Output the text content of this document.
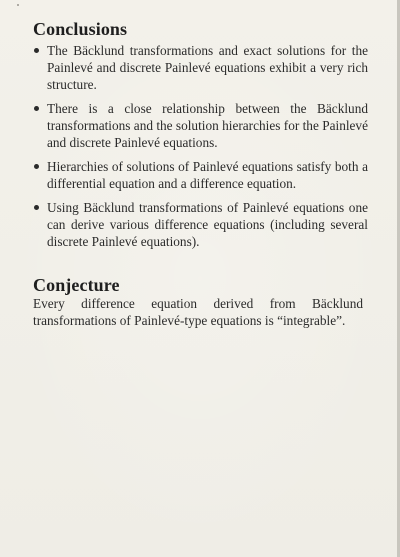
Conclusions
The Bäcklund transformations and exact solutions for the Painlevé and discrete Painlevé equations exhibit a very rich structure.
There is a close relationship between the Bäcklund transformations and the solution hierarchies for the Painlevé and discrete Painlevé equations.
Hierarchies of solutions of Painlevé equations satisfy both a differential equation and a difference equation.
Using Bäcklund transformations of Painlevé equations one can derive various difference equations (including several discrete Painlevé equations).
Conjecture
Every difference equation derived from Bäcklund transformations of Painlevé-type equations is “integrable”.
